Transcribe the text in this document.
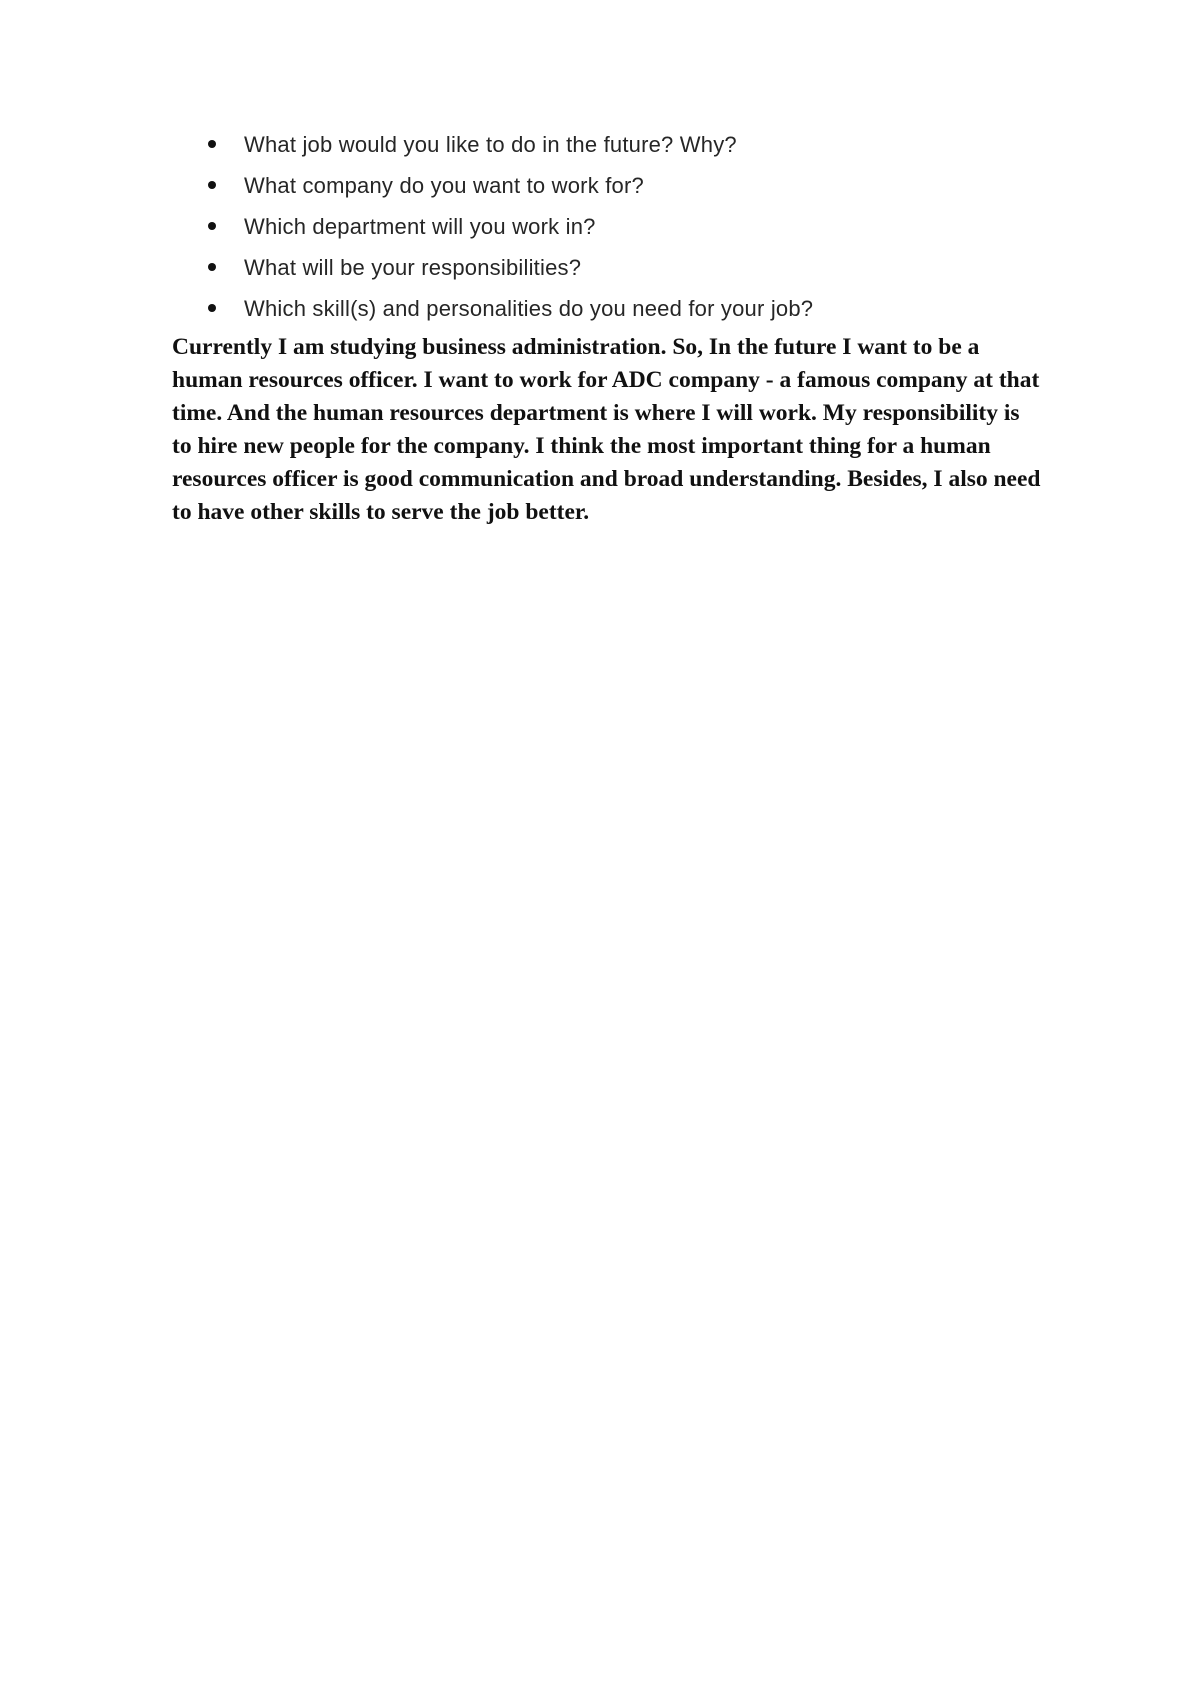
What job would you like to do in the future? Why?
What company do you want to work for?
Which department will you work in?
What will be your responsibilities?
Which skill(s) and personalities do you need for your job?

Currently I am studying business administration. So, In the future I want to be a
human resources officer. I want to work for ADC company - a famous company at that
time. And the human resources department is where I will work. My responsibility is
to hire new people for the company. I think the most important thing for a human
resources officer is good communication and broad understanding. Besides, I also need
to have other skills to serve the job better.
